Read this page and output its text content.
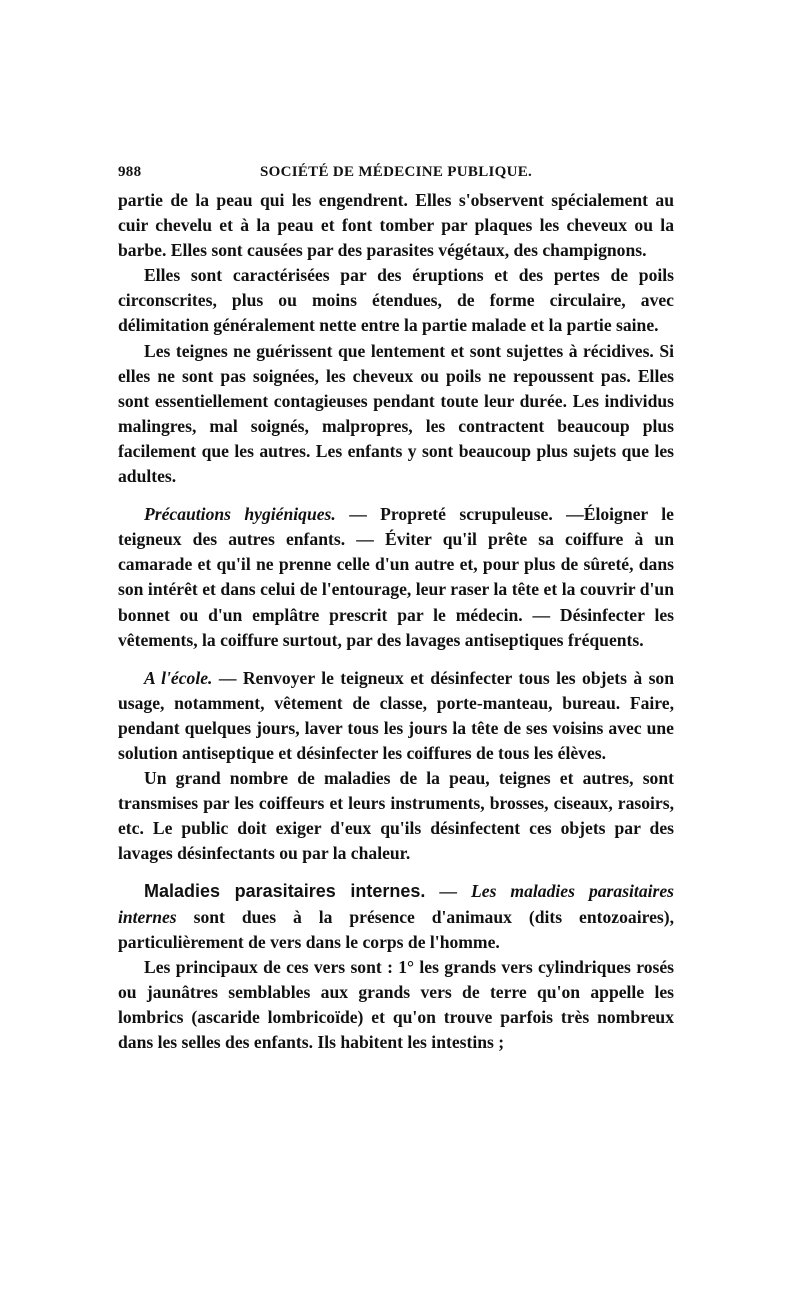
988	SOCIÉTÉ DE MÉDECINE PUBLIQUE.

partie de la peau qui les engendrent. Elles s'observent spécialement au cuir chevelu et à la peau et font tomber par plaques les cheveux ou la barbe. Elles sont causées par des parasites végétaux, des champignons.

Elles sont caractérisées par des éruptions et des pertes de poils circonscrites, plus ou moins étendues, de forme circulaire, avec délimitation généralement nette entre la partie malade et la partie saine.

Les teignes ne guérissent que lentement et sont sujettes à récidives. Si elles ne sont pas soignées, les cheveux ou poils ne repoussent pas. Elles sont essentiellement contagieuses pendant toute leur durée. Les individus malingres, mal soignés, malpropres, les contractent beaucoup plus facilement que les autres. Les enfants y sont beaucoup plus sujets que les adultes.

Précautions hygiéniques. — Propreté scrupuleuse. —Éloigner le teigneux des autres enfants. — Éviter qu'il prête sa coiffure à un camarade et qu'il ne prenne celle d'un autre et, pour plus de sûreté, dans son intérêt et dans celui de l'entourage, leur raser la tête et la couvrir d'un bonnet ou d'un emplâtre prescrit par le médecin. — Désinfecter les vêtements, la coiffure surtout, par des lavages antiseptiques fréquents.

A l'école. — Renvoyer le teigneux et désinfecter tous les objets à son usage, notamment, vêtement de classe, porte-manteau, bureau. Faire, pendant quelques jours, laver tous les jours la tête de ses voisins avec une solution antiseptique et désinfecter les coiffures de tous les élèves.

Un grand nombre de maladies de la peau, teignes et autres, sont transmises par les coiffeurs et leurs instruments, brosses, ciseaux, rasoirs, etc. Le public doit exiger d'eux qu'ils désinfectent ces objets par des lavages désinfectants ou par la chaleur.

Maladies parasitaires internes. — Les maladies parasitaires internes sont dues à la présence d'animaux (dits entozoaires), particulièrement de vers dans le corps de l'homme.

Les principaux de ces vers sont : 1° les grands vers cylindriques rosés ou jaunâtres semblables aux grands vers de terre qu'on appelle les lombrics (ascaride lombricoïde) et qu'on trouve parfois très nombreux dans les selles des enfants. Ils habitent les intestins ;
